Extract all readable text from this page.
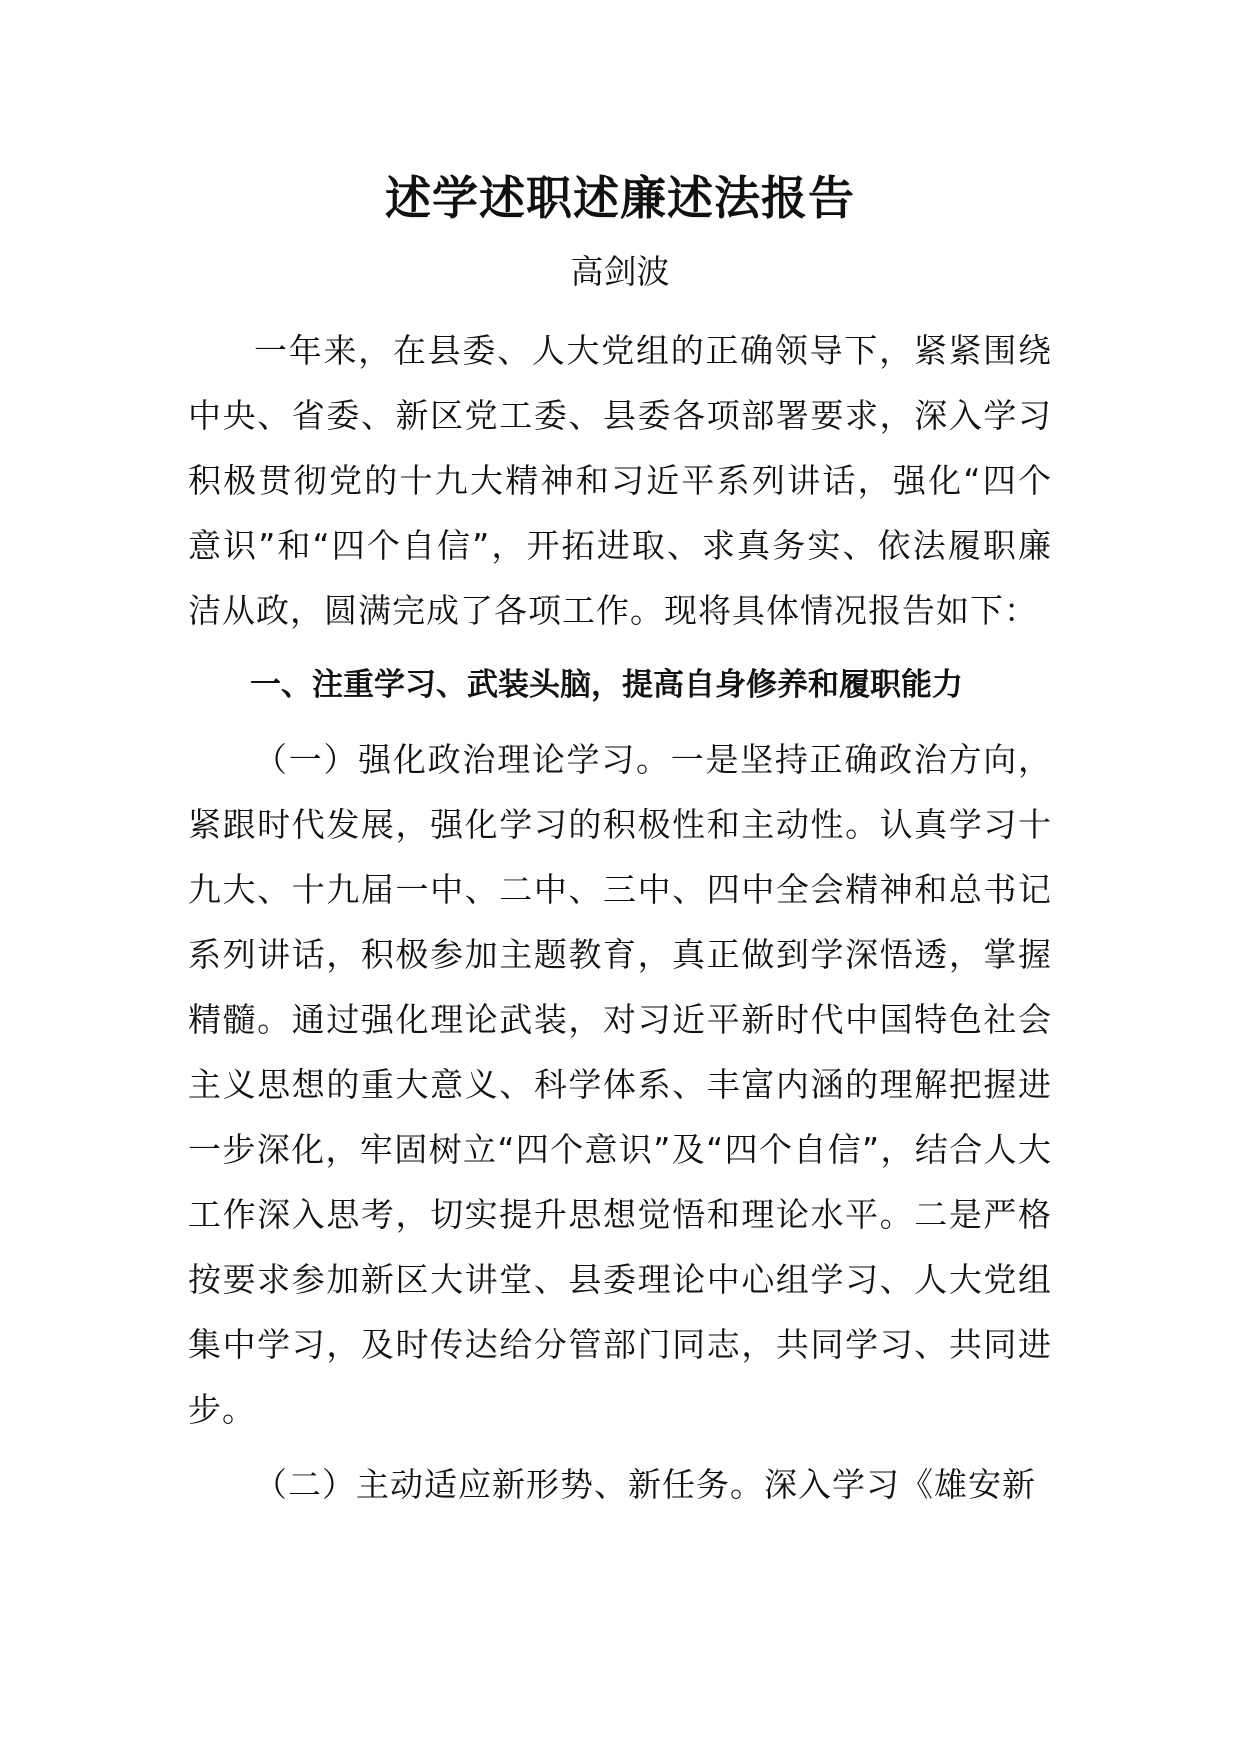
述学述职述廉述法报告
高剑波

一年来，在县委、人大党组的正确领导下，紧紧围绕中央、省委、新区党工委、县委各项部署要求，深入学习积极贯彻党的十九大精神和习近平系列讲话，强化“四个意识”和“四个自信”，开拓进取、求真务实、依法履职廉洁从政，圆满完成了各项工作。现将具体情况报告如下：

一、注重学习、武装头脑，提高自身修养和履职能力

（一）强化政治理论学习。一是坚持正确政治方向，紧跟时代发展，强化学习的积极性和主动性。认真学习十九大、十九届一中、二中、三中、四中全会精神和总书记系列讲话，积极参加主题教育，真正做到学深悟透，掌握精髓。通过强化理论武装，对习近平新时代中国特色社会主义思想的重大意义、科学体系、丰富内涵的理解把握进一步深化，牢固树立“四个意识”及“四个自信”，结合人大工作深入思考，切实提升思想觉悟和理论水平。二是严格按要求参加新区大讲堂、县委理论中心组学习、人大党组集中学习，及时传达给分管部门同志，共同学习、共同进步。

（二）主动适应新形势、新任务。深入学习《雄安新
